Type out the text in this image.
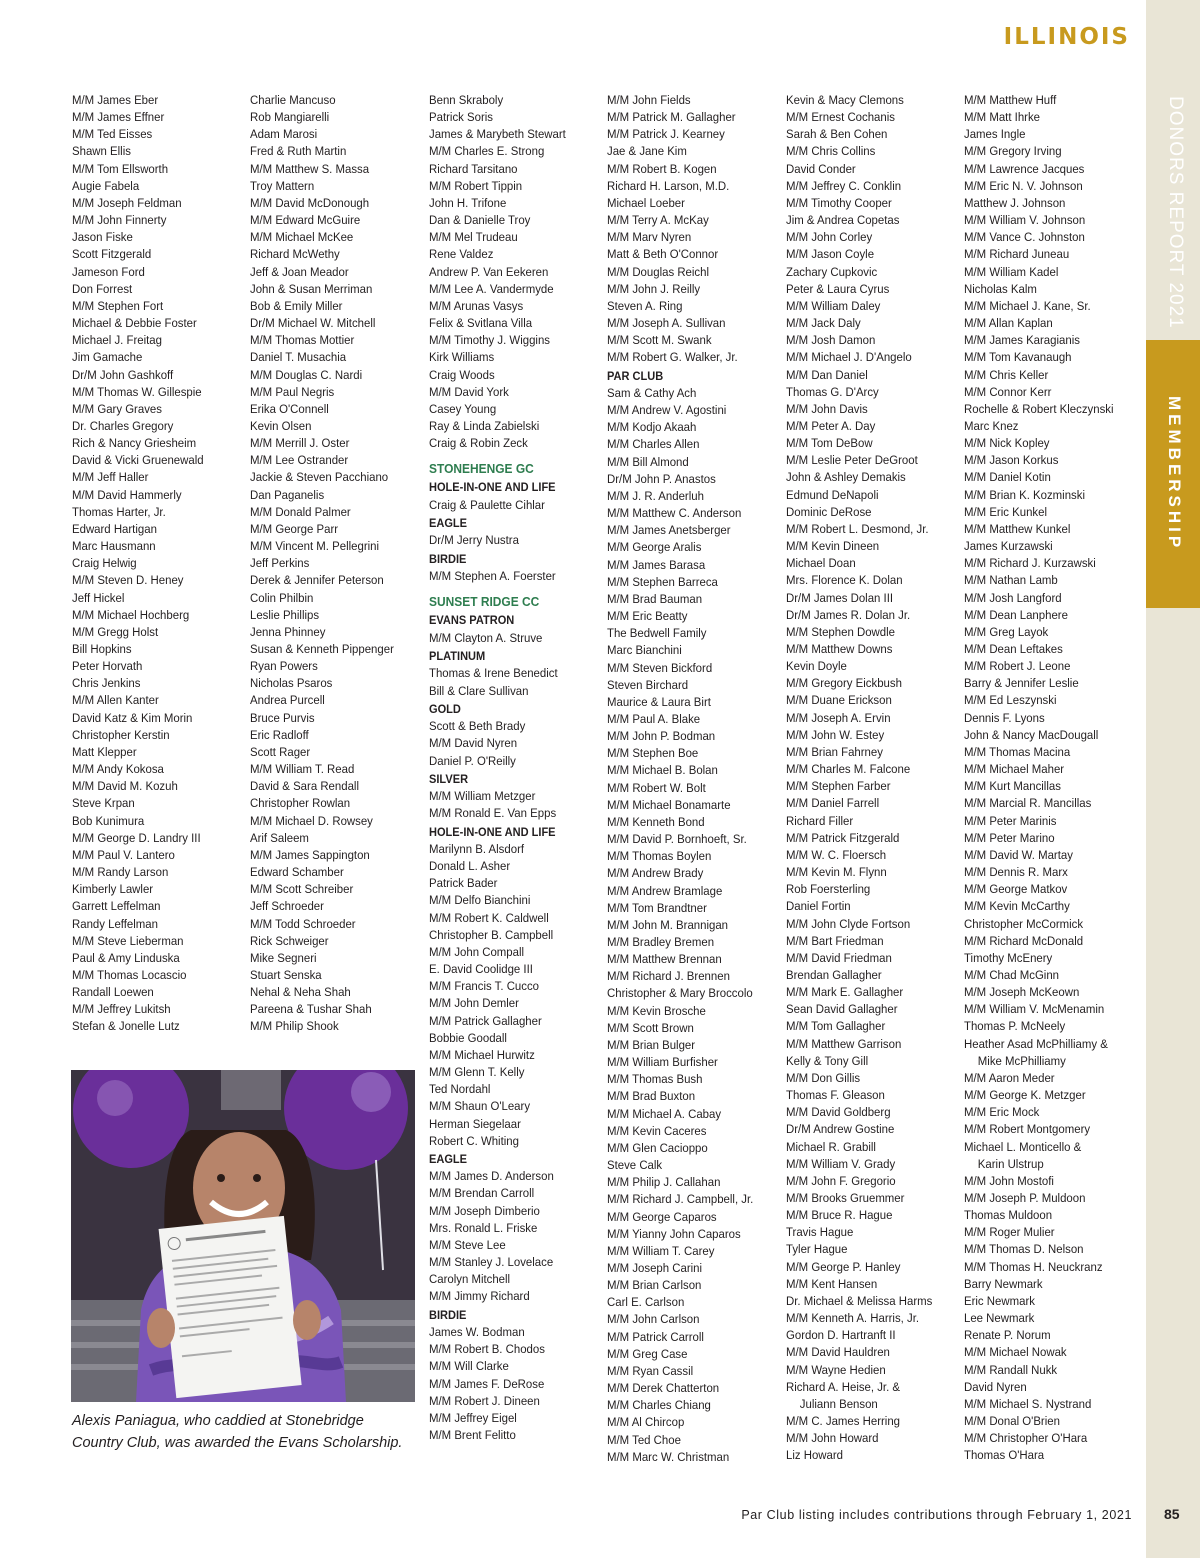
ILLINOIS
DONORS REPORT 2021
MEMBERSHIP
M/M James Eber
M/M James Effner
M/M Ted Eisses
Shawn Ellis
M/M Tom Ellsworth
Augie Fabela
M/M Joseph Feldman
M/M John Finnerty
Jason Fiske
Scott Fitzgerald
Jameson Ford
Don Forrest
M/M Stephen Fort
Michael & Debbie Foster
Michael J. Freitag
Jim Gamache
Dr/M John Gashkoff
M/M Thomas W. Gillespie
M/M Gary Graves
Dr. Charles Gregory
Rich & Nancy Griesheim
David & Vicki Gruenewald
M/M Jeff Haller
M/M David Hammerly
Thomas Harter, Jr.
Edward Hartigan
Marc Hausmann
Craig Helwig
M/M Steven D. Heney
Jeff Hickel
M/M Michael Hochberg
M/M Gregg Holst
Bill Hopkins
Peter Horvath
Chris Jenkins
M/M Allen Kanter
David Katz & Kim Morin
Christopher Kerstin
Matt Klepper
M/M Andy Kokosa
M/M David M. Kozuh
Steve Krpan
Bob Kunimura
M/M George D. Landry III
M/M Paul V. Lantero
M/M Randy Larson
Kimberly Lawler
Garrett Leffelman
Randy Leffelman
M/M Steve Lieberman
Paul & Amy Linduska
M/M Thomas Locascio
Randall Loewen
M/M Jeffrey Lukitsh
Stefan & Jonelle Lutz
Charlie Mancuso
Rob Mangiarelli
Adam Marosi
Fred & Ruth Martin
M/M Matthew S. Massa
Troy Mattern
M/M David McDonough
M/M Edward McGuire
M/M Michael McKee
Richard McWethy
Jeff & Joan Meador
John & Susan Merriman
Bob & Emily Miller
Dr/M Michael W. Mitchell
M/M Thomas Mottier
Daniel T. Musachia
M/M Douglas C. Nardi
M/M Paul Negris
Erika O'Connell
Kevin Olsen
M/M Merrill J. Oster
M/M Lee Ostrander
Jackie & Steven Pacchiano
Dan Paganelis
M/M Donald Palmer
M/M George Parr
M/M Vincent M. Pellegrini
Jeff Perkins
Derek & Jennifer Peterson
Colin Philbin
Leslie Phillips
Jenna Phinney
Susan & Kenneth Pippenger
Ryan Powers
Nicholas Psaros
Andrea Purcell
Bruce Purvis
Eric Radloff
Scott Rager
M/M William T. Read
David & Sara Rendall
Christopher Rowlan
M/M Michael D. Rowsey
Arif Saleem
M/M James Sappington
Edward Schamber
M/M Scott Schreiber
Jeff Schroeder
M/M Todd Schroeder
Rick Schweiger
Mike Segneri
Stuart Senska
Nehal & Neha Shah
Pareena & Tushar Shah
M/M Philip Shook
Benn Skraboly
Patrick Soris
James & Marybeth Stewart
M/M Charles E. Strong
Richard Tarsitano
M/M Robert Tippin
John H. Trifone
Dan & Danielle Troy
M/M Mel Trudeau
Rene Valdez
Andrew P. Van Eekeren
M/M Lee A. Vandermyde
M/M Arunas Vasys
Felix & Svitlana Villa
M/M Timothy J. Wiggins
Kirk Williams
Craig Woods
M/M David York
Casey Young
Ray & Linda Zabielski
Craig & Robin Zeck
STONEHENGE GC
HOLE-IN-ONE AND LIFE
Craig & Paulette Cihlar
EAGLE
Dr/M Jerry Nustra
BIRDIE
M/M Stephen A. Foerster
SUNSET RIDGE CC
EVANS PATRON
M/M Clayton A. Struve
PLATINUM
Thomas & Irene Benedict
Bill & Clare Sullivan
GOLD
Scott & Beth Brady
M/M David Nyren
Daniel P. O'Reilly
SILVER
M/M William Metzger
M/M Ronald E. Van Epps
HOLE-IN-ONE AND LIFE
Marilynn B. Alsdorf
Donald L. Asher
Patrick Bader
M/M Delfo Bianchini
M/M Robert K. Caldwell
Christopher B. Campbell
M/M John Compall
E. David Coolidge III
M/M Francis T. Cucco
M/M John Demler
M/M Patrick Gallagher
Bobbie Goodall
M/M Michael Hurwitz
M/M Glenn T. Kelly
Ted Nordahl
M/M Shaun O'Leary
Herman Siegelaar
Robert C. Whiting
EAGLE
M/M James D. Anderson
M/M Brendan Carroll
M/M Joseph Dimberio
Mrs. Ronald L. Friske
M/M Steve Lee
M/M Stanley J. Lovelace
Carolyn Mitchell
M/M Jimmy Richard
BIRDIE
James W. Bodman
M/M Robert B. Chodos
M/M Will Clarke
M/M James F. DeRose
M/M Robert J. Dineen
M/M Jeffrey Eigel
M/M Brent Felitto
M/M John Fields
M/M Patrick M. Gallagher
M/M Patrick J. Kearney
Jae & Jane Kim
M/M Robert B. Kogen
Richard H. Larson, M.D.
Michael Loeber
M/M Terry A. McKay
M/M Marv Nyren
Matt & Beth O'Connor
M/M Douglas Reichl
M/M John J. Reilly
Steven A. Ring
M/M Joseph A. Sullivan
M/M Scott M. Swank
M/M Robert G. Walker, Jr.
PAR CLUB
Sam & Cathy Ach
M/M Andrew V. Agostini
M/M Kodjo Akaah
M/M Charles Allen
M/M Bill Almond
Dr/M John P. Anastos
M/M J. R. Anderluh
M/M Matthew C. Anderson
M/M James Anetsberger
M/M George Aralis
M/M James Barasa
M/M Stephen Barreca
M/M Brad Bauman
M/M Eric Beatty
The Bedwell Family
Marc Bianchini
M/M Steven Bickford
Steven Birchard
Maurice & Laura Birt
M/M Paul A. Blake
M/M John P. Bodman
M/M Stephen Boe
M/M Michael B. Bolan
M/M Robert W. Bolt
M/M Michael Bonamarte
M/M Kenneth Bond
M/M David P. Bornhoeft, Sr.
M/M Thomas Boylen
M/M Andrew Brady
M/M Andrew Bramlage
M/M Tom Brandtner
M/M John M. Brannigan
M/M Bradley Bremen
M/M Matthew Brennan
M/M Richard J. Brennen
Christopher & Mary Broccolo
M/M Kevin Brosche
M/M Scott Brown
M/M Brian Bulger
M/M William Burfisher
M/M Thomas Bush
M/M Brad Buxton
M/M Michael A. Cabay
M/M Kevin Caceres
M/M Glen Cacioppo
Steve Calk
M/M Philip J. Callahan
M/M Richard J. Campbell, Jr.
M/M George Caparos
M/M Yianny John Caparos
M/M William T. Carey
M/M Joseph Carini
M/M Brian Carlson
Carl E. Carlson
M/M John Carlson
M/M Patrick Carroll
M/M Greg Case
M/M Ryan Cassil
M/M Derek Chatterton
M/M Charles Chiang
M/M Al Chircop
M/M Ted Choe
M/M Marc W. Christman
Kevin & Macy Clemons
M/M Ernest Cochanis
Sarah & Ben Cohen
M/M Chris Collins
David Conder
M/M Jeffrey C. Conklin
M/M Timothy Cooper
Jim & Andrea Copetas
M/M John Corley
M/M Jason Coyle
Zachary Cupkovic
Peter & Laura Cyrus
M/M William Daley
M/M Jack Daly
M/M Josh Damon
M/M Michael J. D'Angelo
M/M Dan Daniel
Thomas G. D'Arcy
M/M John Davis
M/M Peter A. Day
M/M Tom DeBow
M/M Leslie Peter DeGroot
John & Ashley Demakis
Edmund DeNapoli
Dominic DeRose
M/M Robert L. Desmond, Jr.
M/M Kevin Dineen
Michael Doan
Mrs. Florence K. Dolan
Dr/M James Dolan III
Dr/M James R. Dolan Jr.
M/M Stephen Dowdle
M/M Matthew Downs
Kevin Doyle
M/M Gregory Eickbush
M/M Duane Erickson
M/M Joseph A. Ervin
M/M John W. Estey
M/M Brian Fahrney
M/M Charles M. Falcone
M/M Stephen Farber
M/M Daniel Farrell
Richard Filler
M/M Patrick Fitzgerald
M/M W. C. Floersch
M/M Kevin M. Flynn
Rob Foersterling
Daniel Fortin
M/M John Clyde Fortson
M/M Bart Friedman
M/M David Friedman
Brendan Gallagher
M/M Mark E. Gallagher
Sean David Gallagher
M/M Tom Gallagher
M/M Matthew Garrison
Kelly & Tony Gill
M/M Don Gillis
Thomas F. Gleason
M/M David Goldberg
Dr/M Andrew Gostine
Michael R. Grabill
M/M William V. Grady
M/M John F. Gregorio
M/M Brooks Gruemmer
M/M Bruce R. Hague
Travis Hague
Tyler Hague
M/M George P. Hanley
M/M Kent Hansen
Dr. Michael & Melissa Harms
M/M Kenneth A. Harris, Jr.
Gordon D. Hartranft II
M/M David Hauldren
M/M Wayne Hedien
Richard A. Heise, Jr. &
Juliann Benson
M/M C. James Herring
M/M John Howard
Liz Howard
M/M Matthew Huff
M/M Matt Ihrke
James Ingle
M/M Gregory Irving
M/M Lawrence Jacques
M/M Eric N. V. Johnson
Matthew J. Johnson
M/M William V. Johnson
M/M Vance C. Johnston
M/M Richard Juneau
M/M William Kadel
Nicholas Kalm
M/M Michael J. Kane, Sr.
M/M Allan Kaplan
M/M James Karagianis
M/M Tom Kavanaugh
M/M Chris Keller
M/M Connor Kerr
Rochelle & Robert Kleczynski
Marc Knez
M/M Nick Kopley
M/M Jason Korkus
M/M Daniel Kotin
M/M Brian K. Kozminski
M/M Eric Kunkel
M/M Matthew Kunkel
James Kurzawski
M/M Richard J. Kurzawski
M/M Nathan Lamb
M/M Josh Langford
M/M Dean Lanphere
M/M Greg Layok
M/M Dean Leftakes
M/M Robert J. Leone
Barry & Jennifer Leslie
M/M Ed Leszynski
Dennis F. Lyons
John & Nancy MacDougall
M/M Thomas Macina
M/M Michael Maher
M/M Kurt Mancillas
M/M Marcial R. Mancillas
M/M Peter Marinis
M/M Peter Marino
M/M David W. Martay
M/M Dennis R. Marx
M/M George Matkov
M/M Kevin McCarthy
Christopher McCormick
M/M Richard McDonald
Timothy McEnery
M/M Chad McGinn
M/M Joseph McKeown
M/M William V. McMenamin
Thomas P. McNeely
Heather Asad McPhilliamy &
Mike McPhilliamy
M/M Aaron Meder
M/M George K. Metzger
M/M Eric Mock
M/M Robert Montgomery
Michael L. Monticello &
Karin Ulstrup
M/M John Mostofi
M/M Joseph P. Muldoon
Thomas Muldoon
M/M Roger Mulier
M/M Thomas D. Nelson
M/M Thomas H. Neuckranz
Barry Newmark
Eric Newmark
Lee Newmark
Renate P. Norum
M/M Michael Nowak
M/M Randall Nukk
David Nyren
M/M Michael S. Nystrand
M/M Donal O'Brien
M/M Christopher O'Hara
Thomas O'Hara
Alexis Paniagua, who caddied at Stonebridge Country Club, was awarded the Evans Scholarship.
Par Club listing includes contributions through February 1, 2021 85
